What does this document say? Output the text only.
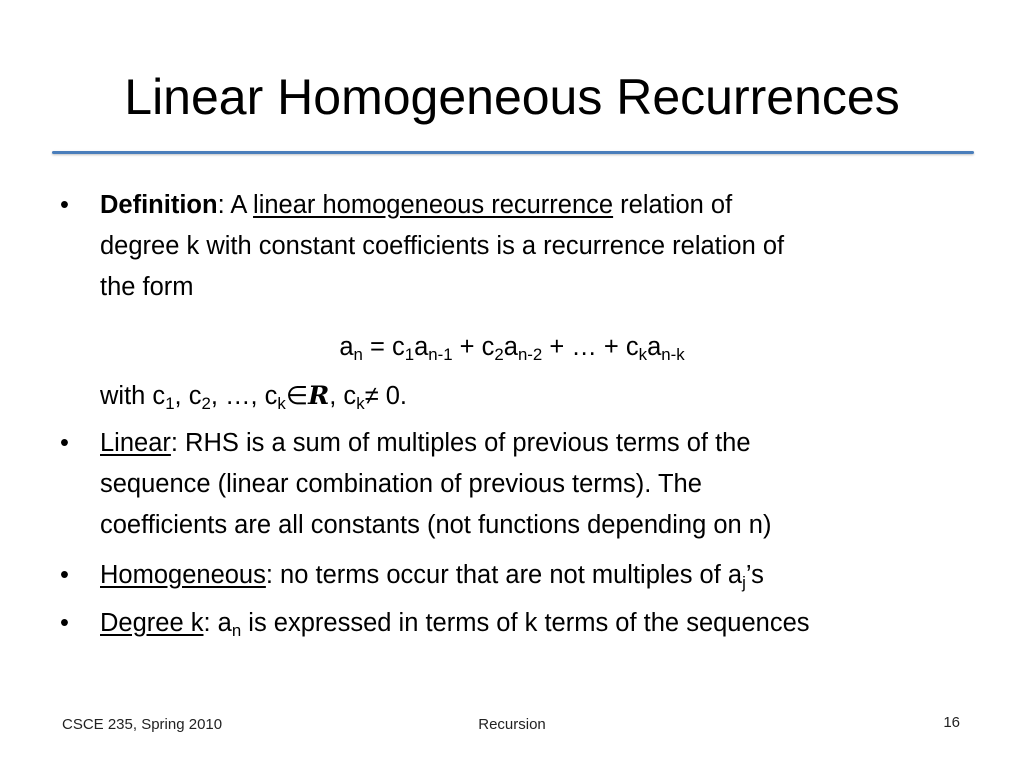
Linear Homogeneous Recurrences
• Definition: A linear homogeneous recurrence relation of
degree k with constant coefficients is a recurrence relation of
the form
$a_n = c_1a_{n-1} + c_2a_{n-2}$ + … + $c_ka_{n-k}$
with $c_1$, $c_2$, …, $c_k\in R$, $c_k\ne 0$.
• Linear: RHS is a sum of multiples of previous terms of the
sequence (linear combination of previous terms). The
coefficients are all constants (not functions depending on n)
• Homogeneous: no terms occur that are not multiples of $a_j’s$
• Degree k: $a_n$ is expressed in terms of k terms of the sequences
CSCE 235, Spring 2010	Recursion	16
